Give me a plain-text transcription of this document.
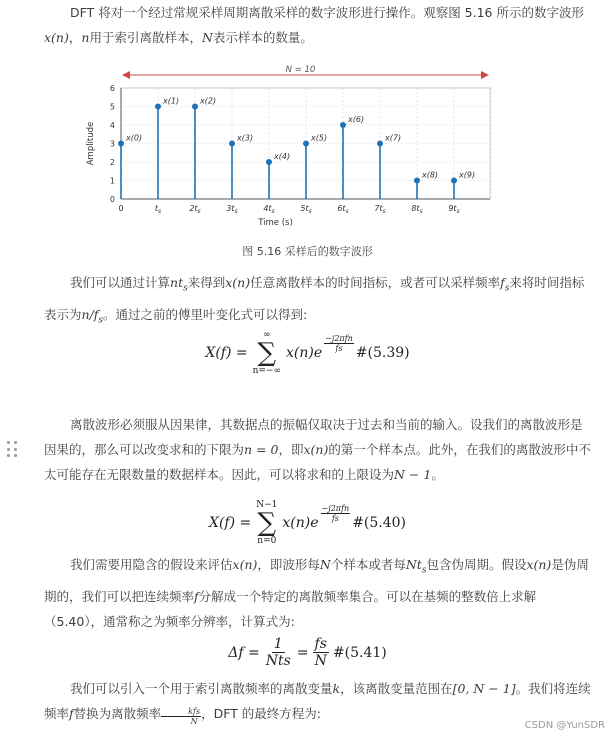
DFT 将对一个经过常规采样周期离散采样的数字波形进行操作。观察图 5.16 所示的数字波形x(n)，n用于索引离散样本，N表示样本的数量。

0
1
2
3
4
5
6
0	$t_s$	$2t_s$	$3t_s$	$4t_s$	$5t_s$	$6t_s$	$7t_s$	$8t_s$	$9t_s$
Time (s)
Amplitude
N = 10
x(0)
x(1)	x(2)
x(3)
x(4)
x(5)
x(6)
x(7)
x(8)	x(9)
图 5.16 采样后的数字波形

我们可以通过计算$nt_s$来得到x(n)任意离散样本的时间指标，或者可以采样频率$f_s$来将时间指标表示为$n/f_s$。通过之前的傅里叶变化式可以得到:

X(f) =
∞
∑
n=−∞
x(n)e
−j2πfn
fs #(5.39)

离散波形必须服从因果律，其数据点的振幅仅取决于过去和当前的输入。设我们的离散波形是因果的，那么可以改变求和的下限为n = 0，即x(n)的第一个样本点。此外，在我们的离散波形中不太可能存在无限数量的数据样本。因此，可以将求和的上限设为N − 1。

X(f) =
N−1
∑
n=0
x(n)e
−j2πfn
fs #(5.40)

我们需要用隐含的假设来评估x(n)，即波形每N个样本或者每$Nt_s$包含伪周期。假设x(n)是伪周期的，我们可以把连续频率f分解成一个特定的离散频率集合。可以在基频的整数倍上求解（5.40），通常称之为频率分辨率，计算式为:

$\Delta f = \frac{1}{\text{Nts}} = \frac{fs}{N}$ #(5.41)

我们可以引入一个用于索引离散频率的离散变量k，该离散变量范围在[0, N − 1]。我们将连续频率f替换为离散频率	kfs
N
，DFT 的最终方程为:

CSDN @YunSDR
